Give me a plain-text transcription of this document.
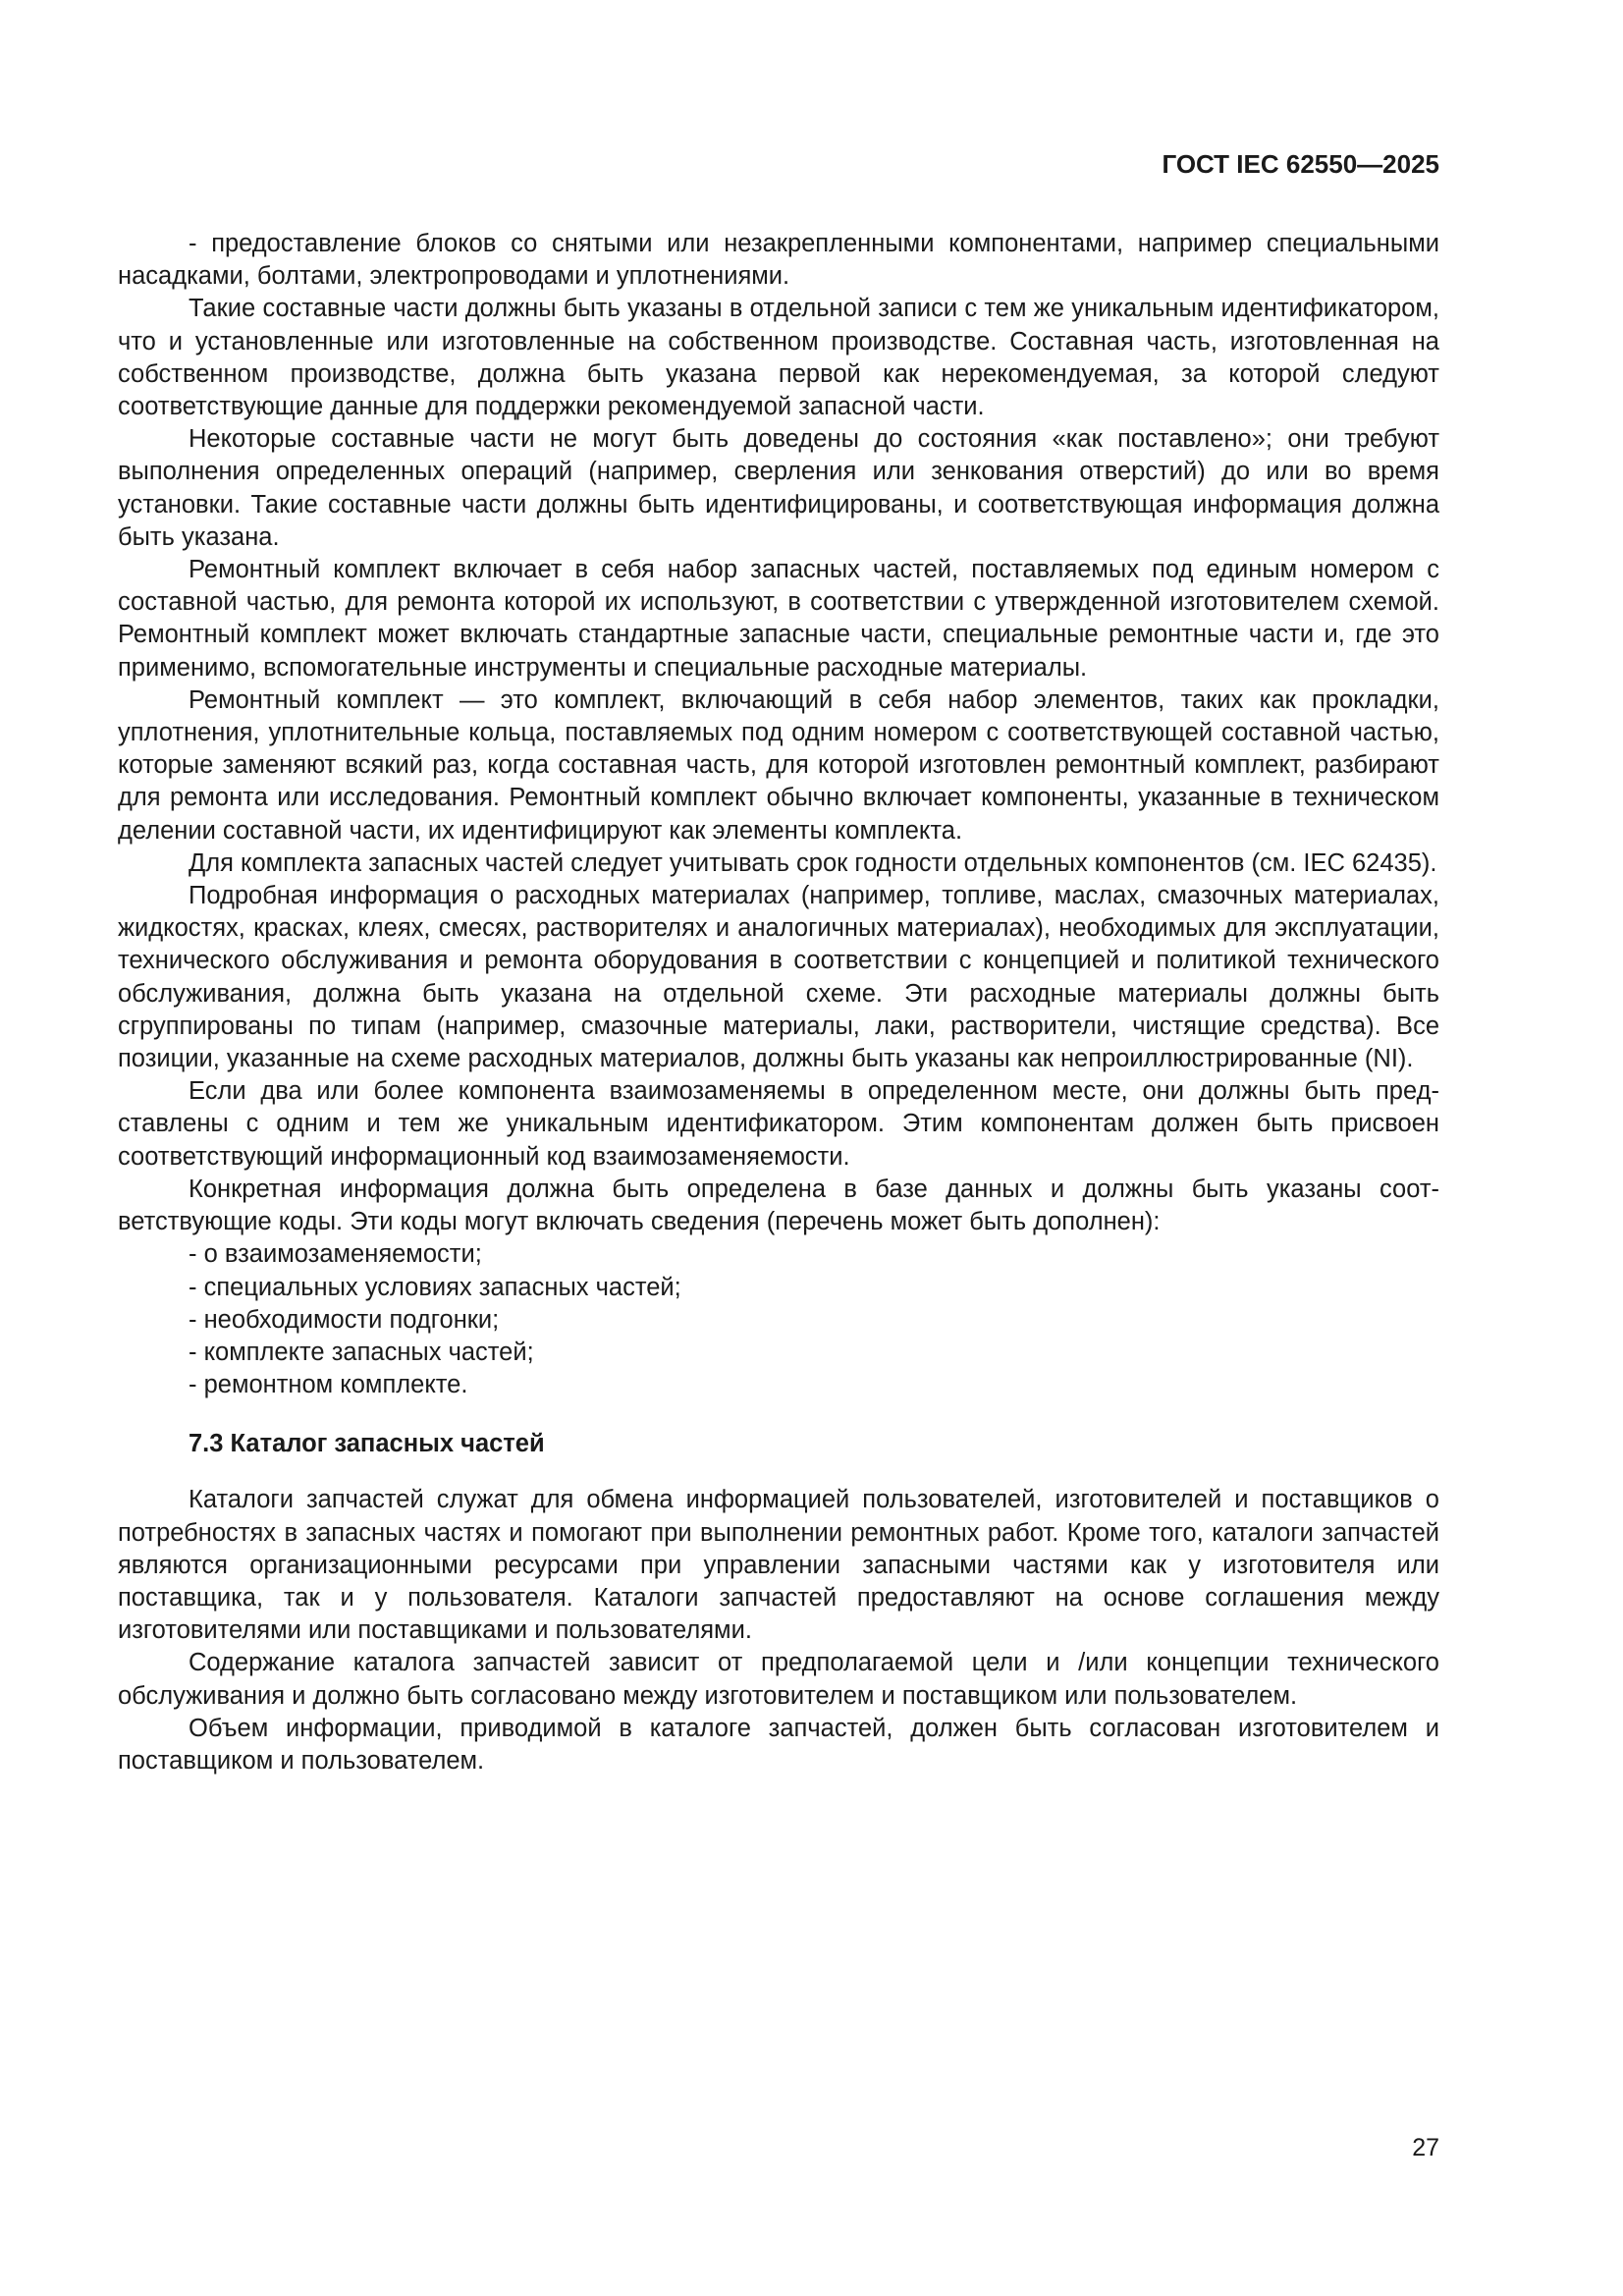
ГОСТ IEC 62550—2025

- предоставление блоков со снятыми или незакрепленными компонентами, например специальными насадками, болтами, электропроводами и уплотнениями.

Такие составные части должны быть указаны в отдельной записи с тем же уникальным идентификатором, что и установленные или изготовленные на собственном производстве. Составная часть, изготовленная на собственном производстве, должна быть указана первой как нерекомендуемая, за которой следуют соответствующие данные для поддержки рекомендуемой запасной части.

Некоторые составные части не могут быть доведены до состояния «как поставлено»; они требуют выполнения определенных операций (например, сверления или зенкования отверстий) до или во время установки. Такие составные части должны быть идентифицированы, и соответствующая информация должна быть указана.

Ремонтный комплект включает в себя набор запасных частей, поставляемых под единым номером с составной частью, для ремонта которой их используют, в соответствии с утвержденной изготовителем схемой. Ремонтный комплект может включать стандартные запасные части, специальные ремонтные части и, где это применимо, вспомогательные инструменты и специальные расходные материалы.

Ремонтный комплект — это комплект, включающий в себя набор элементов, таких как прокладки, уплотнения, уплотнительные кольца, поставляемых под одним номером с соответствующей составной частью, которые заменяют всякий раз, когда составная часть, для которой изготовлен ремонтный комплект, разбирают для ремонта или исследования. Ремонтный комплект обычно включает компоненты, указанные в техническом делении составной части, их идентифицируют как элементы комплекта.

Для комплекта запасных частей следует учитывать срок годности отдельных компонентов (см. IEC 62435).

Подробная информация о расходных материалах (например, топливе, маслах, смазочных материалах, жидкостях, красках, клеях, смесях, растворителях и аналогичных материалах), необходимых для эксплуатации, технического обслуживания и ремонта оборудования в соответствии с концепцией и политикой технического обслуживания, должна быть указана на отдельной схеме. Эти расходные материалы должны быть сгруппированы по типам (например, смазочные материалы, лаки, растворители, чистящие средства). Все позиции, указанные на схеме расходных материалов, должны быть указаны как непроиллюстрированные (NI).

Если два или более компонента взаимозаменяемы в определенном месте, они должны быть представлены с одним и тем же уникальным идентификатором. Этим компонентам должен быть присвоен соответствующий информационный код взаимозаменяемости.

Конкретная информация должна быть определена в базе данных и должны быть указаны соответствующие коды. Эти коды могут включать сведения (перечень может быть дополнен):

- о взаимозаменяемости;
- специальных условиях запасных частей;
- необходимости подгонки;
- комплекте запасных частей;
- ремонтном комплекте.
7.3 Каталог запасных частей

Каталоги запчастей служат для обмена информацией пользователей, изготовителей и поставщиков о потребностях в запасных частях и помогают при выполнении ремонтных работ. Кроме того, каталоги запчастей являются организационными ресурсами при управлении запасными частями как у изготовителя или поставщика, так и у пользователя. Каталоги запчастей предоставляют на основе соглашения между изготовителями или поставщиками и пользователями.

Содержание каталога запчастей зависит от предполагаемой цели и /или концепции технического обслуживания и должно быть согласовано между изготовителем и поставщиком или пользователем.

Объем информации, приводимой в каталоге запчастей, должен быть согласован изготовителем и поставщиком и пользователем.

27
